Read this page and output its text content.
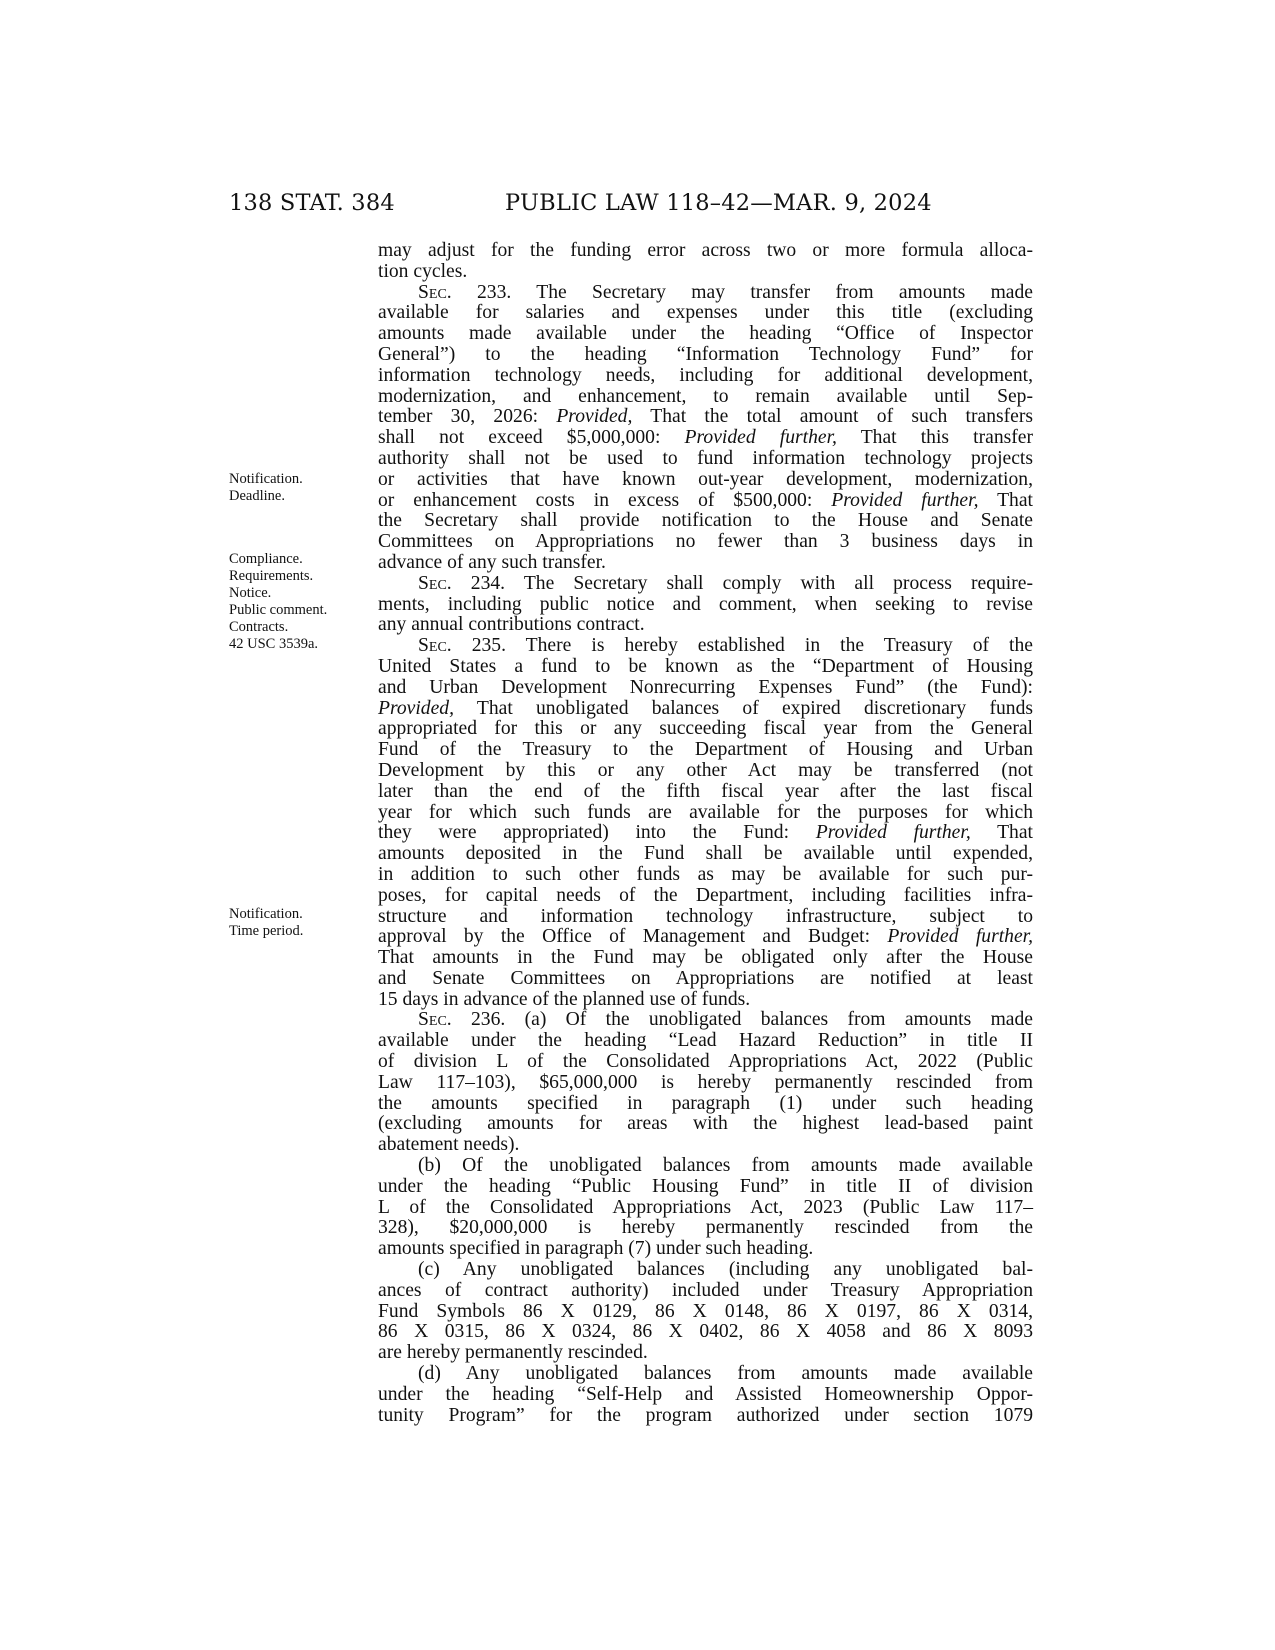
138 STAT. 384	PUBLIC LAW 118–42—MAR. 9, 2024
Notification.
Deadline.
Compliance.
Requirements.
Notice.
Public comment.
Contracts.
42 USC 3539a.
Notification.
Time period.
may adjust for the funding error across two or more formula alloca-
tion cycles.
Sec. 233. The Secretary may transfer from amounts made
available for salaries and expenses under this title (excluding
amounts made available under the heading “Office of Inspector
General”) to the heading “Information Technology Fund” for
information technology needs, including for additional development,
modernization, and enhancement, to remain available until Sep-
tember 30, 2026: Provided, That the total amount of such transfers
shall not exceed $5,000,000: Provided further, That this transfer
authority shall not be used to fund information technology projects
or activities that have known out-year development, modernization,
or enhancement costs in excess of $500,000: Provided further, That
the Secretary shall provide notification to the House and Senate
Committees on Appropriations no fewer than 3 business days in
advance of any such transfer.
Sec. 234. The Secretary shall comply with all process require-
ments, including public notice and comment, when seeking to revise
any annual contributions contract.
Sec. 235. There is hereby established in the Treasury of the
United States a fund to be known as the “Department of Housing
and Urban Development Nonrecurring Expenses Fund” (the Fund):
Provided, That unobligated balances of expired discretionary funds
appropriated for this or any succeeding fiscal year from the General
Fund of the Treasury to the Department of Housing and Urban
Development by this or any other Act may be transferred (not
later than the end of the fifth fiscal year after the last fiscal
year for which such funds are available for the purposes for which
they were appropriated) into the Fund: Provided further, That
amounts deposited in the Fund shall be available until expended,
in addition to such other funds as may be available for such pur-
poses, for capital needs of the Department, including facilities infra-
structure and information technology infrastructure, subject to
approval by the Office of Management and Budget: Provided further,
That amounts in the Fund may be obligated only after the House
and Senate Committees on Appropriations are notified at least
15 days in advance of the planned use of funds.
Sec. 236. (a) Of the unobligated balances from amounts made
available under the heading “Lead Hazard Reduction” in title II
of division L of the Consolidated Appropriations Act, 2022 (Public
Law 117–103), $65,000,000 is hereby permanently rescinded from
the amounts specified in paragraph (1) under such heading
(excluding amounts for areas with the highest lead-based paint
abatement needs).
(b) Of the unobligated balances from amounts made available
under the heading “Public Housing Fund” in title II of division
L of the Consolidated Appropriations Act, 2023 (Public Law 117–
328), $20,000,000 is hereby permanently rescinded from the
amounts specified in paragraph (7) under such heading.
(c) Any unobligated balances (including any unobligated bal-
ances of contract authority) included under Treasury Appropriation
Fund Symbols 86 X 0129, 86 X 0148, 86 X 0197, 86 X 0314,
86 X 0315, 86 X 0324, 86 X 0402, 86 X 4058 and 86 X 8093
are hereby permanently rescinded.
(d) Any unobligated balances from amounts made available
under the heading “Self-Help and Assisted Homeownership Oppor-
tunity Program” for the program authorized under section 1079
